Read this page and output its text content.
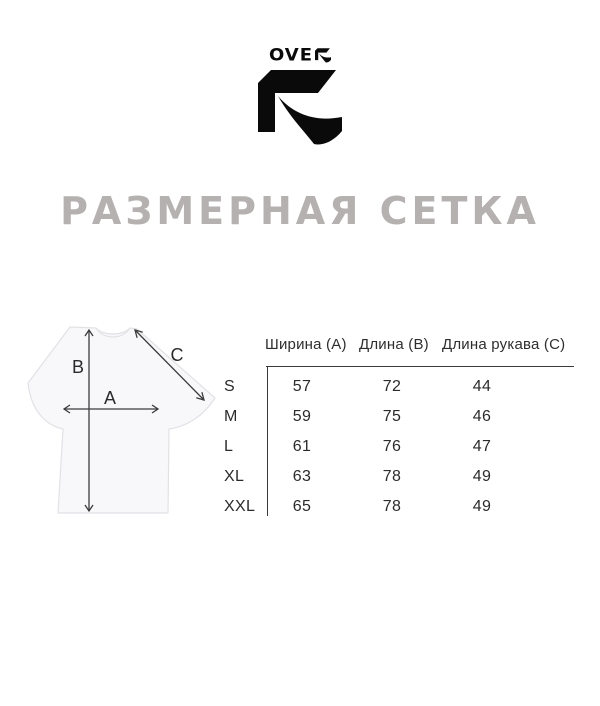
OVE
РАЗМЕРНАЯ СЕТКА
B
A
C
Ширина (А) Длина (В) Длина рукава (С)
S	57	72	44
M	59	75	46
L	61	76	47
XL	63	78	49
XXL	65	78	49
